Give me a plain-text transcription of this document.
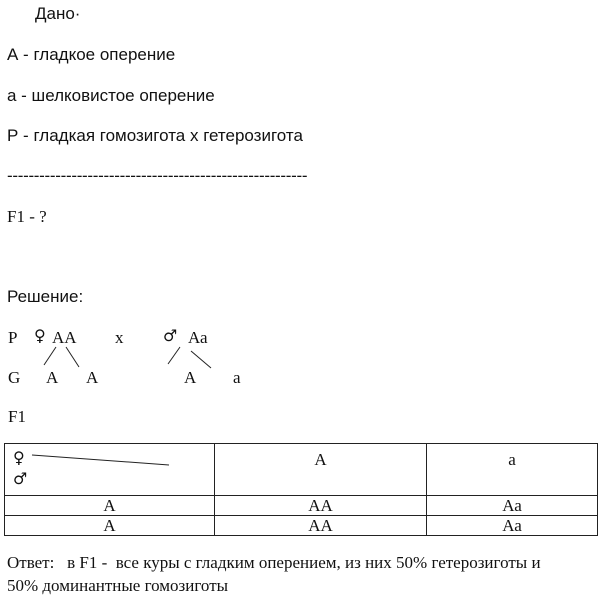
Дано·
А - гладкое оперение
а - шелковистое оперение
Р - гладкая гомозигота х гетерозигота
--------------------------------------------------------
F1 - ?
Решение:
Р ♀ АА х ♂ Аа
G А А	А а
F1
♀
♂	А	а
А	АА	Аа
А	АА	Аа
Ответ:   в F1 -  все куры с гладким оперением, из них 50% гетерозиготы и
50% доминантные гомозиготы
